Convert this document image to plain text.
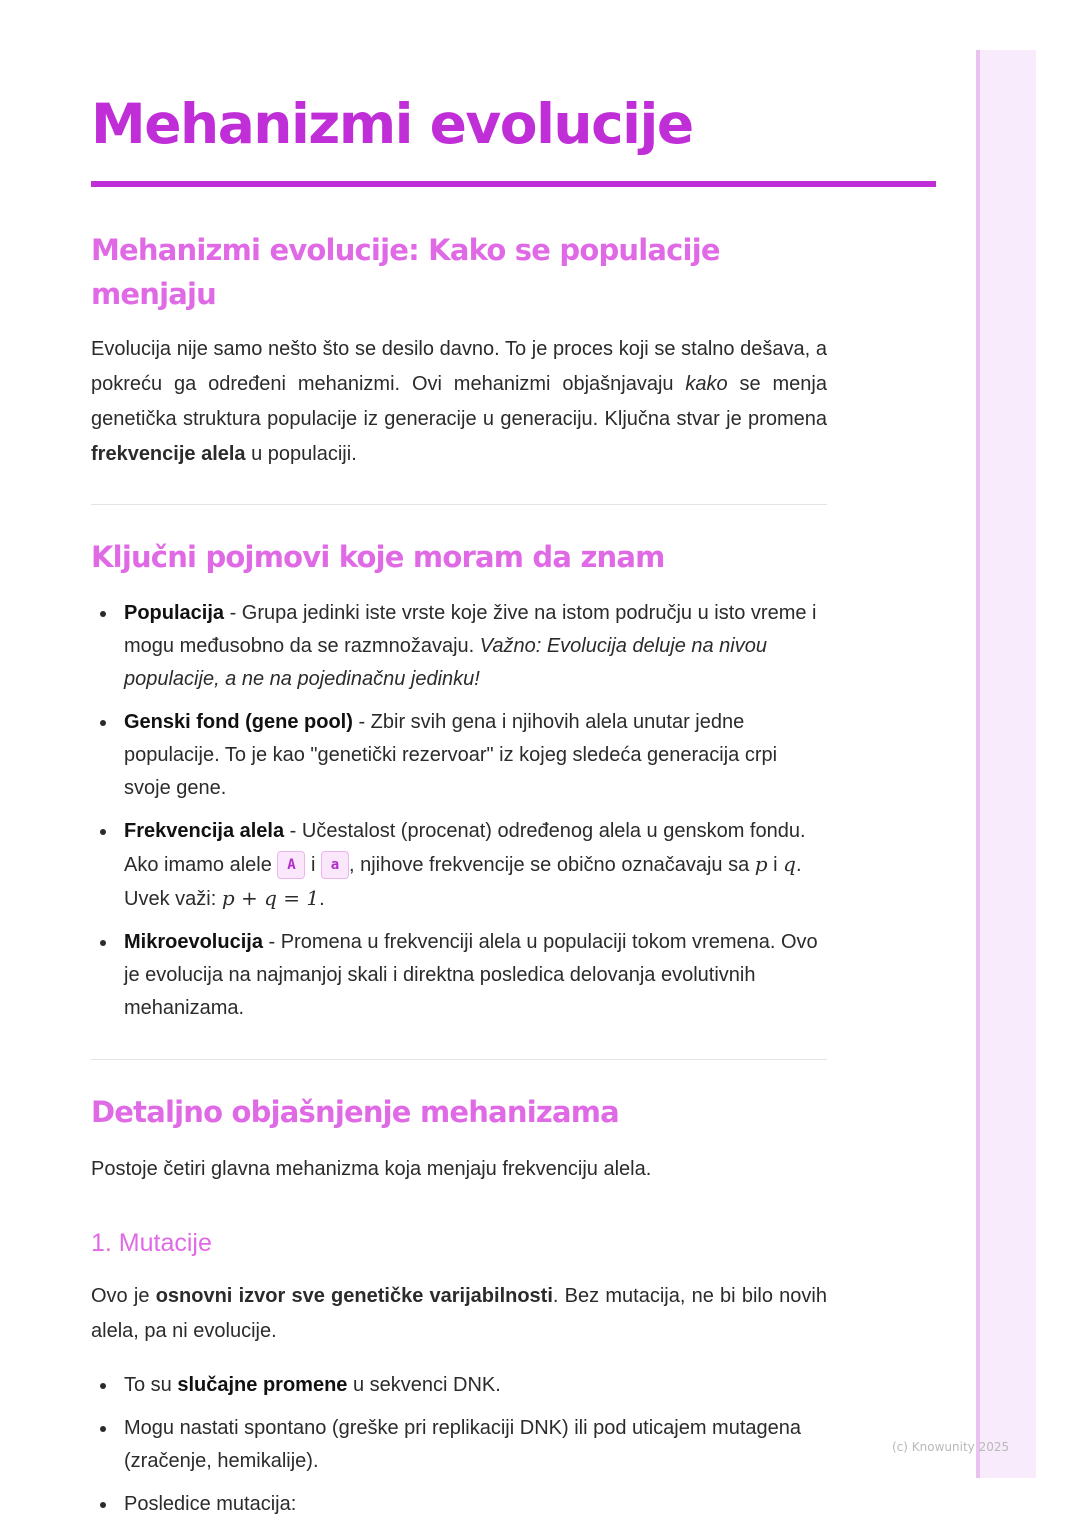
(c) Knowunity 2025
Mehanizmi evolucije
Mehanizmi evolucije: Kako se populacije menjaju

Evolucija nije samo nešto što se desilo davno. To je proces koji se stalno dešava, a pokreću ga određeni mehanizmi. Ovi mehanizmi objašnjavaju kako se menja genetička struktura populacije iz generacije u generaciju. Ključna stvar je promena frekvencije alela u populaciji.

Ključni pojmovi koje moram da znam
Populacija - Grupa jedinki iste vrste koje žive na istom području u isto vreme i mogu međusobno da se razmnožavaju. Važno: Evolucija deluje na nivou populacije, a ne na pojedinačnu jedinku!
Genski fond (gene pool) - Zbir svih gena i njihovih alela unutar jedne populacije. To je kao "genetički rezervoar" iz kojeg sledeća generacija crpi svoje gene.
Frekvencija alela - Učestalost (procenat) određenog alela u genskom fondu. Ako imamo alele A i a , njihove frekvencije se obično označavaju sa p i q. Uvek važi: p + q = 1.
Mikroevolucija - Promena u frekvenciji alela u populaciji tokom vremena. Ovo je evolucija na najmanjoj skali i direktna posledica delovanja evolutivnih mehanizama.
Detaljno objašnjenje mehanizama

Postoje četiri glavna mehanizma koja menjaju frekvenciju alela.

1. Mutacije

Ovo je osnovni izvor sve genetičke varijabilnosti. Bez mutacija, ne bi bilo novih alela, pa ni evolucije.

To su slučajne promene u sekvenci DNK.
Mogu nastati spontano (greške pri replikaciji DNK) ili pod uticajem mutagena (zračenje, hemikalije).
Posledice mutacija:
